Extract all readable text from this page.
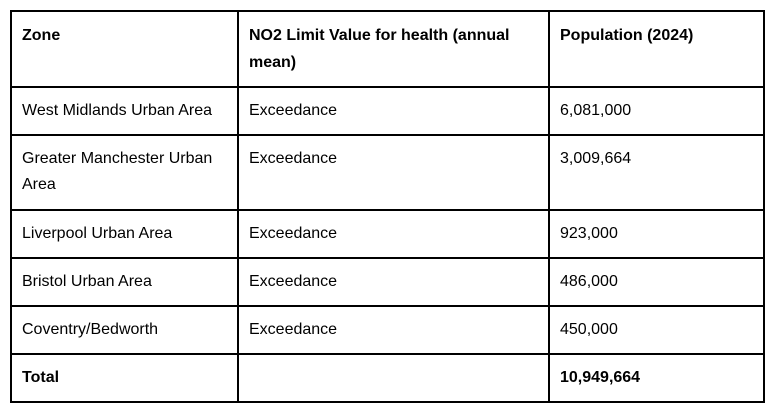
Zone	NO2 Limit Value for health (annual mean)	Population (2024)
West Midlands Urban Area	Exceedance	6,081,000
Greater Manchester Urban Area	Exceedance	3,009,664
Liverpool Urban Area	Exceedance	923,000
Bristol Urban Area	Exceedance	486,000
Coventry/Bedworth	Exceedance	450,000
Total		10,949,664
